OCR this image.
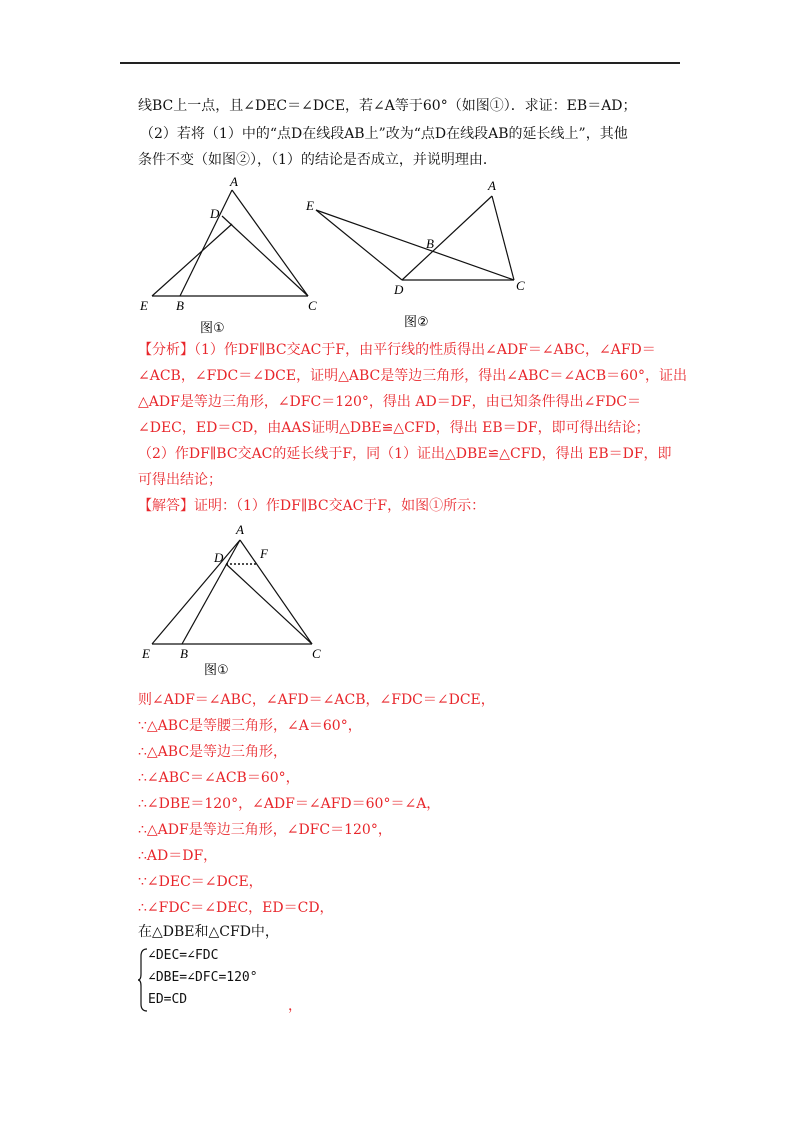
线BC上一点，且∠DEC＝∠DCE，若∠A等于60°（如图①）．求证：EB＝AD；
（2）若将（1）中的“点D在线段AB上”改为“点D在线段AB的延长线上”，其他
条件不变（如图②），（1）的结论是否成立，并说明理由．
A
D
E B	C
图①
E
A
B
D	C
图②
【分析】（1）作DF∥BC交AC于F，由平行线的性质得出∠ADF＝∠ABC，∠AFD＝
∠ACB，∠FDC＝∠DCE，证明△ABC是等边三角形，得出∠ABC＝∠ACB＝60°，证出
△ADF是等边三角形，∠DFC＝120°，得出 AD＝DF，由已知条件得出∠FDC＝
∠DEC，ED＝CD，由AAS证明△DBE≌△CFD，得出 EB＝DF，即可得出结论；
（2）作DF∥BC交AC的延长线于F，同（1）证出△DBE≌△CFD，得出 EB＝DF，即
可得出结论；
【解答】证明：（1）作DF∥BC交AC于F，如图①所示：
A
D	F
E B	C
图①
则∠ADF＝∠ABC，∠AFD＝∠ACB，∠FDC＝∠DCE，
∵△ABC是等腰三角形，∠A＝60°，
∴△ABC是等边三角形，
∴∠ABC＝∠ACB＝60°，
∴∠DBE＝120°，∠ADF＝∠AFD＝60°＝∠A，
∴△ADF是等边三角形，∠DFC＝120°，
∴AD＝DF，
∵∠DEC＝∠DCE，
∴∠FDC＝∠DEC，ED＝CD，
在△DBE和△CFD中，
∠DEC=∠FDC
∠DBE=∠DFC=120°
ED=CD	，
